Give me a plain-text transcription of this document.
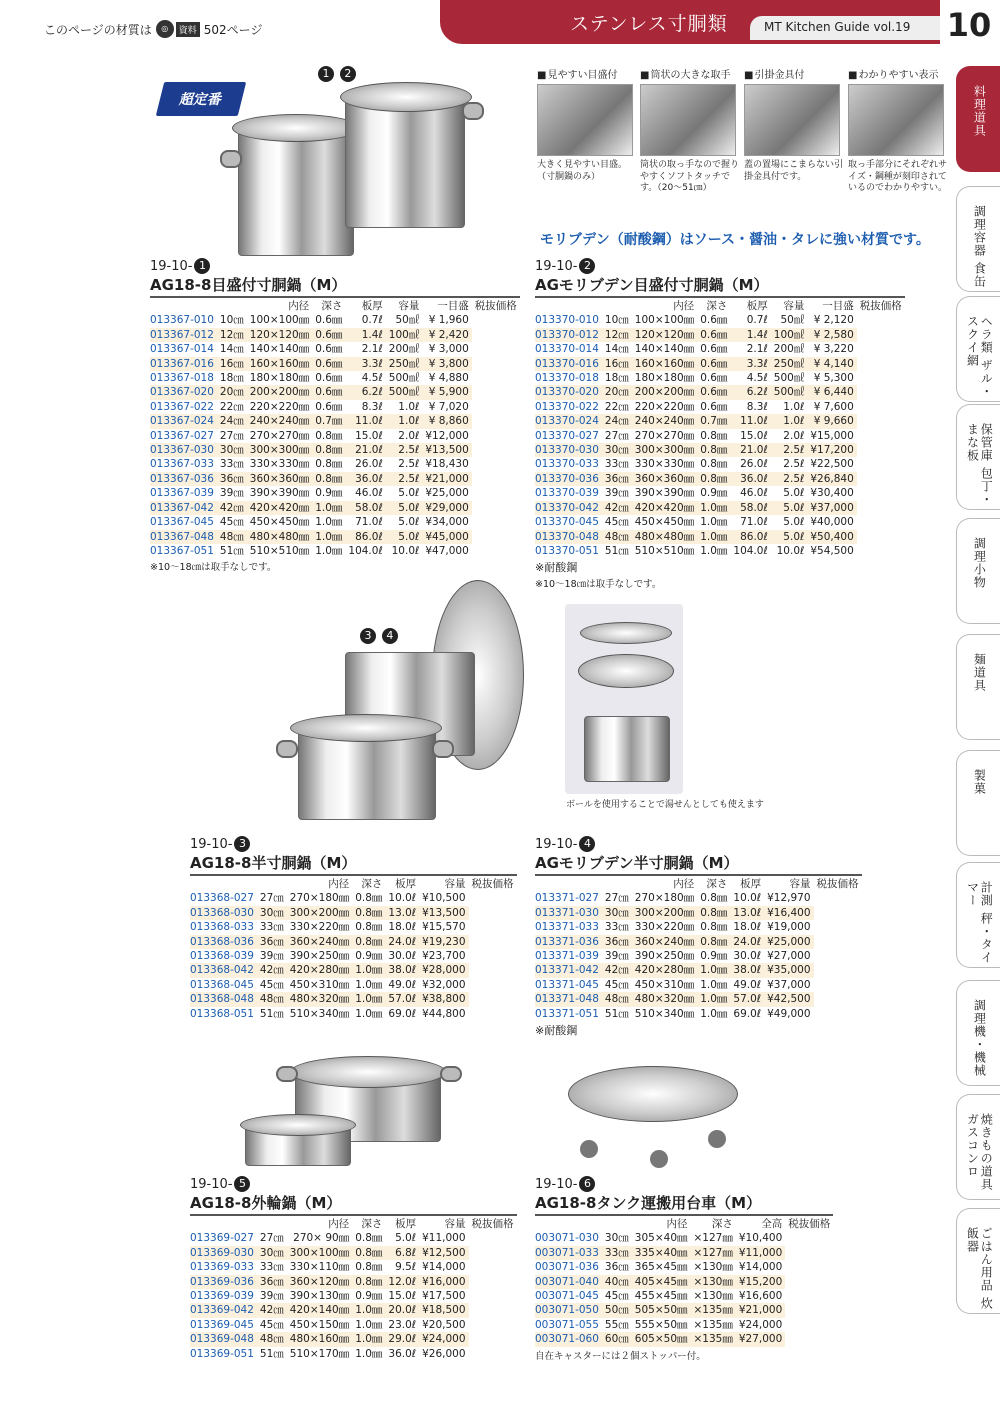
このページの材質は	◎	資料 502ページ	ステンレス寸胴類	MT Kitchen Guide vol.19	10
料理道具
調理容器 食缶
ヘラ類 ザル・スクイ網
保管庫 包丁・まな板
調理小物
麺道具
製菓
計測 秤・タイマー
調理機・機械
焼きもの道具 ガスコンロ
ごはん用品 炊飯器
超定番
1 2	■ 見やすい目盛付
大きく見やすい目盛。（寸胴鍋のみ）
■ 筒状の大きな取手
筒状の取っ手なので握りやすくソフトタッチです。（20～51㎝）
■ 引掛金具付
蓋の置場にこまらない引掛金具付です。
■ わかりやすい表示
取っ手部分にそれぞれサイズ・鋼種が刻印されているのでわかりやすい。
モリブデン（耐酸鋼）はソース・醤油・タレに強い材質です。
3 4
ボールを使用することで湯せんとしても使えます
19-10- 1
AG18-8目盛付寸胴鍋（M）
		内径	深さ	板厚	容量	一目盛	税抜価格
013367-010	10㎝	100×100㎜	0.6㎜	0.7ℓ	50㎖	¥ 1,960	
013367-012	12㎝	120×120㎜	0.6㎜	1.4ℓ	100㎖	¥ 2,420	
013367-014	14㎝	140×140㎜	0.6㎜	2.1ℓ	200㎖	¥ 3,000	
013367-016	16㎝	160×160㎜	0.6㎜	3.3ℓ	250㎖	¥ 3,800	
013367-018	18㎝	180×180㎜	0.6㎜	4.5ℓ	500㎖	¥ 4,880	
013367-020	20㎝	200×200㎜	0.6㎜	6.2ℓ	500㎖	¥ 5,900	
013367-022	22㎝	220×220㎜	0.6㎜	8.3ℓ	1.0ℓ	¥ 7,020	
013367-024	24㎝	240×240㎜	0.7㎜	11.0ℓ	1.0ℓ	¥ 8,860	
013367-027	27㎝	270×270㎜	0.8㎜	15.0ℓ	2.0ℓ	¥12,000	
013367-030	30㎝	300×300㎜	0.8㎜	21.0ℓ	2.5ℓ	¥13,500	
013367-033	33㎝	330×330㎜	0.8㎜	26.0ℓ	2.5ℓ	¥18,430	
013367-036	36㎝	360×360㎜	0.8㎜	36.0ℓ	2.5ℓ	¥21,000	
013367-039	39㎝	390×390㎜	0.9㎜	46.0ℓ	5.0ℓ	¥25,000	
013367-042	42㎝	420×420㎜	1.0㎜	58.0ℓ	5.0ℓ	¥29,000	
013367-045	45㎝	450×450㎜	1.0㎜	71.0ℓ	5.0ℓ	¥34,000	
013367-048	48㎝	480×480㎜	1.0㎜	86.0ℓ	5.0ℓ	¥45,000	
013367-051	51㎝	510×510㎜	1.0㎜	104.0ℓ	10.0ℓ	¥47,000	
※10～18㎝は取手なしです。
19-10- 2
AGモリブデン目盛付寸胴鍋（M）
		内径	深さ	板厚	容量	一目盛	税抜価格
013370-010	10㎝	100×100㎜	0.6㎜	0.7ℓ	50㎖	¥ 2,120	
013370-012	12㎝	120×120㎜	0.6㎜	1.4ℓ	100㎖	¥ 2,580	
013370-014	14㎝	140×140㎜	0.6㎜	2.1ℓ	200㎖	¥ 3,220	
013370-016	16㎝	160×160㎜	0.6㎜	3.3ℓ	250㎖	¥ 4,140	
013370-018	18㎝	180×180㎜	0.6㎜	4.5ℓ	500㎖	¥ 5,300	
013370-020	20㎝	200×200㎜	0.6㎜	6.2ℓ	500㎖	¥ 6,440	
013370-022	22㎝	220×220㎜	0.6㎜	8.3ℓ	1.0ℓ	¥ 7,600	
013370-024	24㎝	240×240㎜	0.7㎜	11.0ℓ	1.0ℓ	¥ 9,660	
013370-027	27㎝	270×270㎜	0.8㎜	15.0ℓ	2.0ℓ	¥15,000	
013370-030	30㎝	300×300㎜	0.8㎜	21.0ℓ	2.5ℓ	¥17,200	
013370-033	33㎝	330×330㎜	0.8㎜	26.0ℓ	2.5ℓ	¥22,500	
013370-036	36㎝	360×360㎜	0.8㎜	36.0ℓ	2.5ℓ	¥26,840	
013370-039	39㎝	390×390㎜	0.9㎜	46.0ℓ	5.0ℓ	¥30,400	
013370-042	42㎝	420×420㎜	1.0㎜	58.0ℓ	5.0ℓ	¥37,000	
013370-045	45㎝	450×450㎜	1.0㎜	71.0ℓ	5.0ℓ	¥40,000	
013370-048	48㎝	480×480㎜	1.0㎜	86.0ℓ	5.0ℓ	¥50,400	
013370-051	51㎝	510×510㎜	1.0㎜	104.0ℓ	10.0ℓ	¥54,500	
※耐酸鋼
※10～18㎝は取手なしです。
19-10- 3
AG18-8半寸胴鍋（M）
		内径	深さ	板厚	容量	税抜価格
013368-027	27㎝	270×180㎜	0.8㎜	10.0ℓ	¥10,500	
013368-030	30㎝	300×200㎜	0.8㎜	13.0ℓ	¥13,500	
013368-033	33㎝	330×220㎜	0.8㎜	18.0ℓ	¥15,570	
013368-036	36㎝	360×240㎜	0.8㎜	24.0ℓ	¥19,230	
013368-039	39㎝	390×250㎜	0.9㎜	30.0ℓ	¥23,700	
013368-042	42㎝	420×280㎜	1.0㎜	38.0ℓ	¥28,000	
013368-045	45㎝	450×310㎜	1.0㎜	49.0ℓ	¥32,000	
013368-048	48㎝	480×320㎜	1.0㎜	57.0ℓ	¥38,800	
013368-051	51㎝	510×340㎜	1.0㎜	69.0ℓ	¥44,800	
19-10- 4
AGモリブデン半寸胴鍋（M）
		内径	深さ	板厚	容量	税抜価格
013371-027	27㎝	270×180㎜	0.8㎜	10.0ℓ	¥12,970	
013371-030	30㎝	300×200㎜	0.8㎜	13.0ℓ	¥16,400	
013371-033	33㎝	330×220㎜	0.8㎜	18.0ℓ	¥19,000	
013371-036	36㎝	360×240㎜	0.8㎜	24.0ℓ	¥25,000	
013371-039	39㎝	390×250㎜	0.9㎜	30.0ℓ	¥27,000	
013371-042	42㎝	420×280㎜	1.0㎜	38.0ℓ	¥35,000	
013371-045	45㎝	450×310㎜	1.0㎜	49.0ℓ	¥37,000	
013371-048	48㎝	480×320㎜	1.0㎜	57.0ℓ	¥42,500	
013371-051	51㎝	510×340㎜	1.0㎜	69.0ℓ	¥49,000	
※耐酸鋼
19-10- 5
AG18-8外輪鍋（M）
		内径	深さ	板厚	容量	税抜価格
013369-027	27㎝	270× 90㎜	0.8㎜	5.0ℓ	¥11,000	
013369-030	30㎝	300×100㎜	0.8㎜	6.8ℓ	¥12,500	
013369-033	33㎝	330×110㎜	0.8㎜	9.5ℓ	¥14,000	
013369-036	36㎝	360×120㎜	0.8㎜	12.0ℓ	¥16,000	
013369-039	39㎝	390×130㎜	0.9㎜	15.0ℓ	¥17,500	
013369-042	42㎝	420×140㎜	1.0㎜	20.0ℓ	¥18,500	
013369-045	45㎝	450×150㎜	1.0㎜	23.0ℓ	¥20,500	
013369-048	48㎝	480×160㎜	1.0㎜	29.0ℓ	¥24,000	
013369-051	51㎝	510×170㎜	1.0㎜	36.0ℓ	¥26,000	
19-10- 6
AG18-8タンク運搬用台車（M）
		内径	深さ	全高	税抜価格
003071-030	30㎝	305×40㎜	×127㎜	¥10,400	
003071-033	33㎝	335×40㎜	×127㎜	¥11,000	
003071-036	36㎝	365×45㎜	×130㎜	¥14,000	
003071-040	40㎝	405×45㎜	×130㎜	¥15,200	
003071-045	45㎝	455×45㎜	×130㎜	¥16,600	
003071-050	50㎝	505×50㎜	×135㎜	¥21,000	
003071-055	55㎝	555×50㎜	×135㎜	¥24,000	
003071-060	60㎝	605×50㎜	×135㎜	¥27,000	
自在キャスターには２個ストッパー付。
